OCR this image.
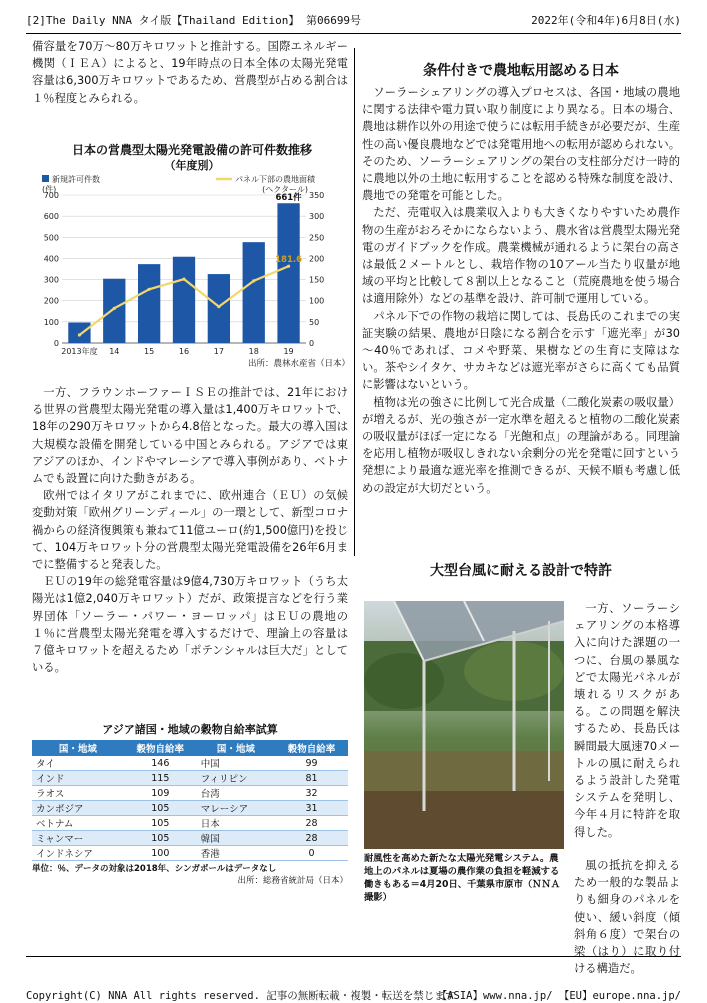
[2]The Daily NNA タイ版【Thailand Edition】 第06699号	2022年(令和4年)6月8日(水)

備容量を70万～80万キロワットと推計する。国際エネルギー機関（ＩＥＡ）によると、19年時点の日本全体の太陽光発電容量は6,300万キロワットであるため、営農型が占める割合は１％程度とみられる。

日本の営農型太陽光発電設備の許可件数推移
（年度別）
0
100
200
300
400
500
600
700
0
50
100
150
200
250
300
350
2013年度 14	15	16	17	18	19
661件
181.6
新規許可件数
(件)
パネル下部の農地面積
(ヘクタール)
出所：農林水産省（日本）

一方、フラウンホーファーＩＳＥの推計では、21年における世界の営農型太陽光発電の導入量は1,400万キロワットで、18年の290万キロワットから4.8倍となった。最大の導入国は大規模な設備を開発している中国とみられる。アジアでは東アジアのほか、インドやマレーシアで導入事例があり、ベトナムでも設置に向けた動きがある。

欧州ではイタリアがこれまでに、欧州連合（ＥＵ）の気候変動対策「欧州グリーンディール」の一環として、新型コロナ禍からの経済復興策も兼ねて11億ユーロ(約1,500億円)を投じて、104万キロワット分の営農型太陽光発電設備を26年6月までに整備すると発表した。

ＥＵの19年の総発電容量は9億4,730万キロワット（うち太陽光は1億2,040万キロワット）だが、政策提言などを行う業界団体「ソーラー・パワー・ヨーロッパ」はＥＵの農地の１％に営農型太陽光発電を導入するだけで、理論上の容量は７億キロワットを超えるため「ポテンシャルは巨大だ」としている。

アジア諸国・地域の穀物自給率試算
国・地域	穀物自給率	国・地域	穀物自給率
タイ	146	中国	99
インド	115	フィリピン	81
ラオス	109	台湾	32
カンボジア	105	マレーシア	31
ベトナム	105	日本	28
ミャンマー	105	韓国	28
インドネシア	100	香港	0
単位：％、データの対象は2018年、シンガポールはデータなし
出所：総務省統計局（日本）
条件付きで農地転用認める日本

ソーラーシェアリングの導入プロセスは、各国・地域の農地に関する法律や電力買い取り制度により異なる。日本の場合、農地は耕作以外の用途で使うには転用手続きが必要だが、生産性の高い優良農地などでは発電用地への転用が認められない。そのため、ソーラーシェアリングの架台の支柱部分だけ一時的に農地以外の土地に転用することを認める特殊な制度を設け、農地での発電を可能とした。

ただ、売電収入は農業収入よりも大きくなりやすいため農作物の生産がおろそかにならないよう、農水省は営農型太陽光発電のガイドブックを作成。農業機械が通れるように架台の高さは最低２メートルとし、栽培作物の10アール当たり収量が地域の平均と比較して８割以上となること（荒廃農地を使う場合は適用除外）などの基準を設け、許可制で運用している。

パネル下での作物の栽培に関しては、長島氏のこれまでの実証実験の結果、農地が日陰になる割合を示す「遮光率」が30～40％であれば、コメや野菜、果樹などの生育に支障はない。茶やシイタケ、サカキなどは遮光率がさらに高くても品質に影響はないという。

植物は光の強さに比例して光合成量（二酸化炭素の吸収量）が増えるが、光の強さが一定水準を超えると植物の二酸化炭素の吸収量がほぼ一定になる「光飽和点」の理論がある。同理論を応用し植物が吸収しきれない余剰分の光を発電に回すという発想により最適な遮光率を推測できるが、天候不順も考慮し低めの設定が大切だという。

大型台風に耐える設計で特許
耐風性を高めた新たな太陽光発電システム。農地上のパネルは夏場の農作業の負担を軽減する働きもある＝4月20日、千葉県市原市（ＮＮＡ撮影）

一方、ソーラーシェアリングの本格導入に向けた課題の一つに、台風の暴風などで太陽光パネルが壊れるリスクがある。この問題を解決するため、長島氏は瞬間最大風速70メートルの風に耐えられるよう設計した発電システムを発明し、今年４月に特許を取得した。

風の抵抗を抑えるため一般的な製品よりも細身のパネルを使い、緩い斜度（傾斜角６度）で架台の梁（はり）に取り付ける構造だ。

Copyright(C) NNA All rights reserved. 記事の無断転載・複製・転送を禁じます
【ASIA】www.nna.jp/ 【EU】europe.nna.jp/
